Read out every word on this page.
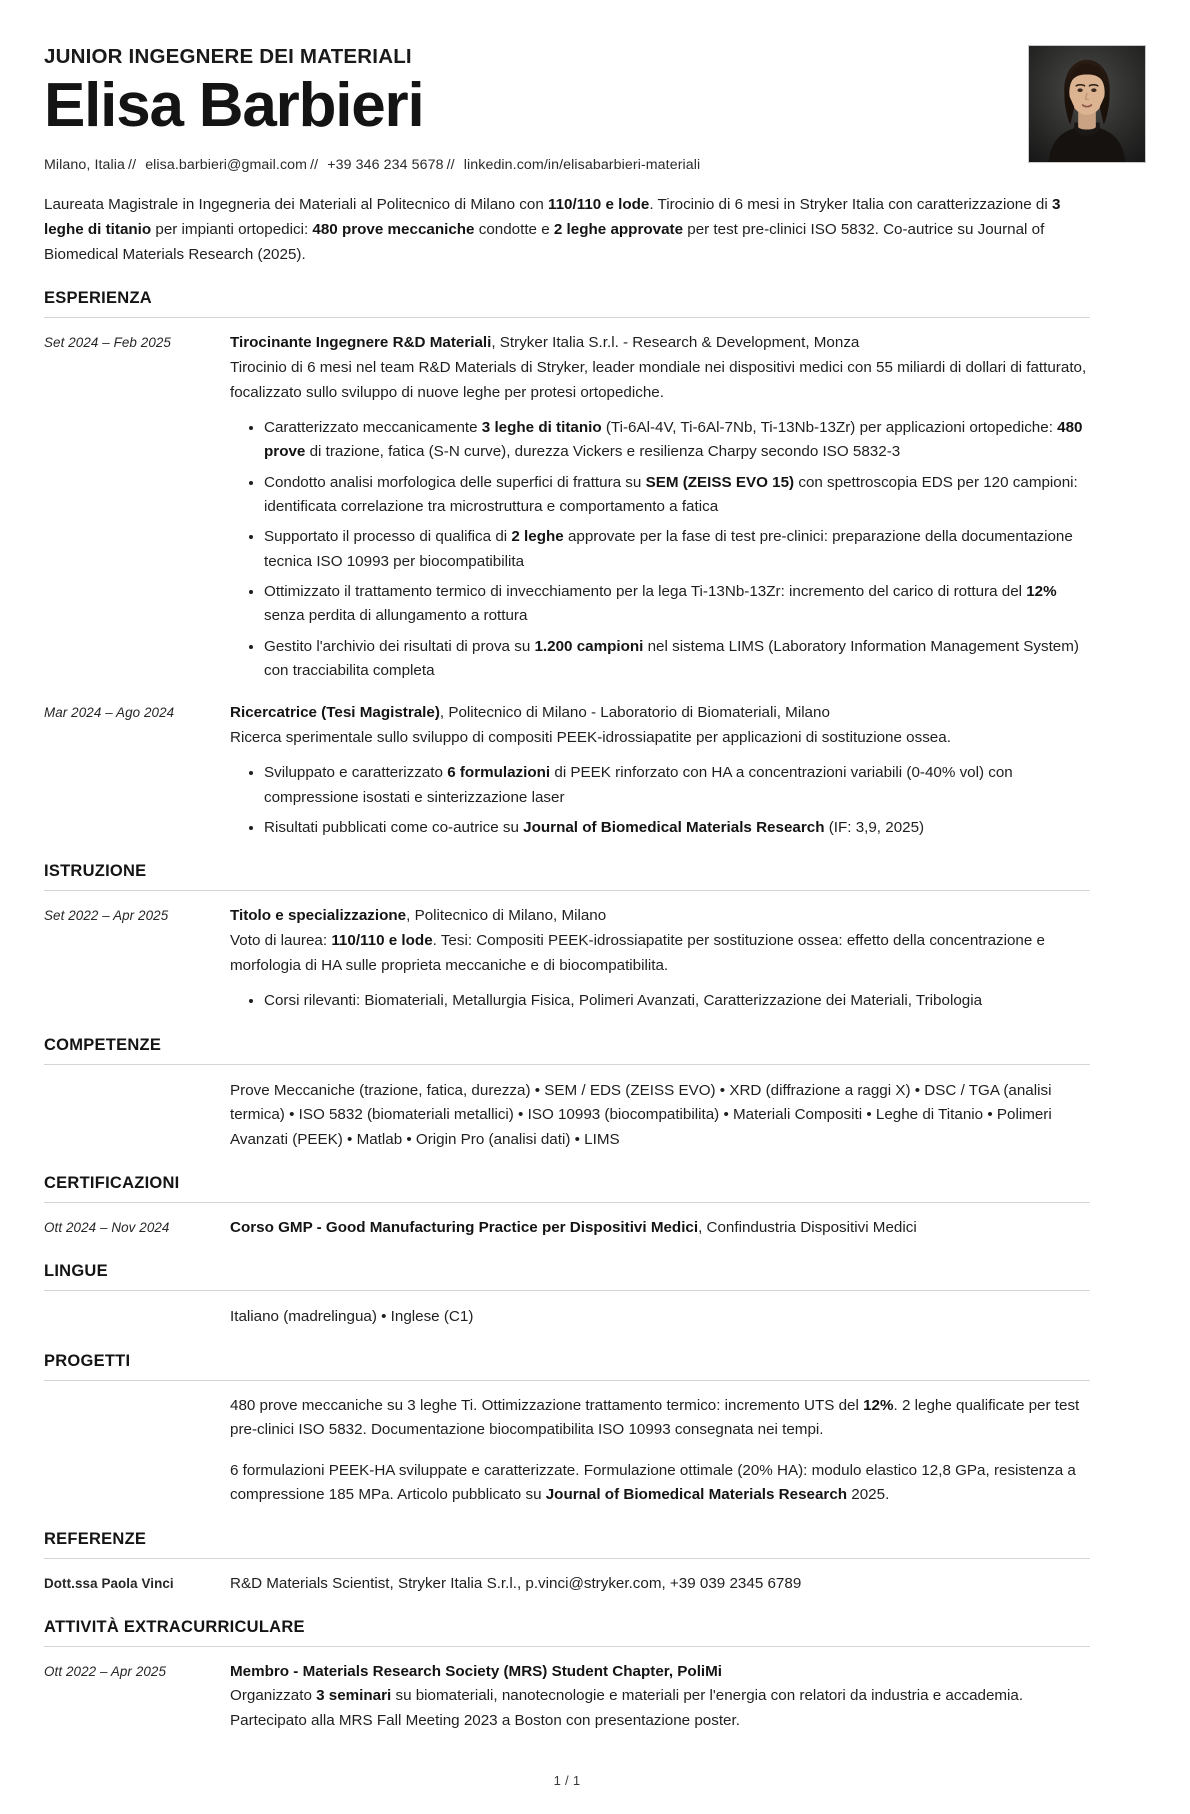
JUNIOR INGEGNERE DEI MATERIALI
Elisa Barbieri
Milano, Italia // elisa.barbieri@gmail.com // +39 346 234 5678 // linkedin.com/in/elisabarbieri-materiali

Laureata Magistrale in Ingegneria dei Materiali al Politecnico di Milano con 110/110 e lode. Tirocinio di 6 mesi in Stryker Italia con caratterizzazione di 3 leghe di titanio per impianti ortopedici: 480 prove meccaniche condotte e 2 leghe approvate per test pre-clinici ISO 5832. Co-autrice su Journal of Biomedical Materials Research (2025).

ESPERIENZA
Set 2024 – Feb 2025	Tirocinante Ingegnere R&D Materiali, Stryker Italia S.r.l. - Research & Development, Monza
Tirocinio di 6 mesi nel team R&D Materials di Stryker, leader mondiale nei dispositivi medici con 55 miliardi di dollari di fatturato, focalizzato sullo sviluppo di nuove leghe per protesi ortopediche.
Caratterizzato meccanicamente 3 leghe di titanio (Ti-6Al-4V, Ti-6Al-7Nb, Ti-13Nb-13Zr) per applicazioni ortopediche: 480 prove di trazione, fatica (S-N curve), durezza Vickers e resilienza Charpy secondo ISO 5832-3
Condotto analisi morfologica delle superfici di frattura su SEM (ZEISS EVO 15) con spettroscopia EDS per 120 campioni: identificata correlazione tra microstruttura e comportamento a fatica
Supportato il processo di qualifica di 2 leghe approvate per la fase di test pre-clinici: preparazione della documentazione tecnica ISO 10993 per biocompatibilita
Ottimizzato il trattamento termico di invecchiamento per la lega Ti-13Nb-13Zr: incremento del carico di rottura del 12% senza perdita di allungamento a rottura
Gestito l'archivio dei risultati di prova su 1.200 campioni nel sistema LIMS (Laboratory Information Management System) con tracciabilita completa
Mar 2024 – Ago 2024	Ricercatrice (Tesi Magistrale), Politecnico di Milano - Laboratorio di Biomateriali, Milano
Ricerca sperimentale sullo sviluppo di compositi PEEK-idrossiapatite per applicazioni di sostituzione ossea.
Sviluppato e caratterizzato 6 formulazioni di PEEK rinforzato con HA a concentrazioni variabili (0-40% vol) con compressione isostati e sinterizzazione laser
Risultati pubblicati come co-autrice su Journal of Biomedical Materials Research (IF: 3,9, 2025)
ISTRUZIONE
Set 2022 – Apr 2025	Titolo e specializzazione, Politecnico di Milano, Milano
Voto di laurea: 110/110 e lode. Tesi: Compositi PEEK-idrossiapatite per sostituzione ossea: effetto della concentrazione e morfologia di HA sulle proprieta meccaniche e di biocompatibilita.
Corsi rilevanti: Biomateriali, Metallurgia Fisica, Polimeri Avanzati, Caratterizzazione dei Materiali, Tribologia
COMPETENZE
Prove Meccaniche (trazione, fatica, durezza) • SEM / EDS (ZEISS EVO) • XRD (diffrazione a raggi X) • DSC / TGA (analisi termica) • ISO 5832 (biomateriali metallici) • ISO 10993 (biocompatibilita) • Materiali Compositi • Leghe di Titanio • Polimeri Avanzati (PEEK) • Matlab • Origin Pro (analisi dati) • LIMS
CERTIFICAZIONI
Ott 2024 – Nov 2024	Corso GMP - Good Manufacturing Practice per Dispositivi Medici, Confindustria Dispositivi Medici
LINGUE
Italiano (madrelingua) • Inglese (C1)
PROGETTI
480 prove meccaniche su 3 leghe Ti. Ottimizzazione trattamento termico: incremento UTS del 12%. 2 leghe qualificate per test pre-clinici ISO 5832. Documentazione biocompatibilita ISO 10993 consegnata nei tempi.
6 formulazioni PEEK-HA sviluppate e caratterizzate. Formulazione ottimale (20% HA): modulo elastico 12,8 GPa, resistenza a compressione 185 MPa. Articolo pubblicato su Journal of Biomedical Materials Research 2025.
REFERENZE
Dott.ssa Paola Vinci	R&D Materials Scientist, Stryker Italia S.r.l., p.vinci@stryker.com, +39 039 2345 6789
ATTIVITÀ EXTRACURRICULARE
Ott 2022 – Apr 2025	Membro - Materials Research Society (MRS) Student Chapter, PoliMi
Organizzato 3 seminari su biomateriali, nanotecnologie e materiali per l'energia con relatori da industria e accademia. Partecipato alla MRS Fall Meeting 2023 a Boston con presentazione poster.
1 / 1
